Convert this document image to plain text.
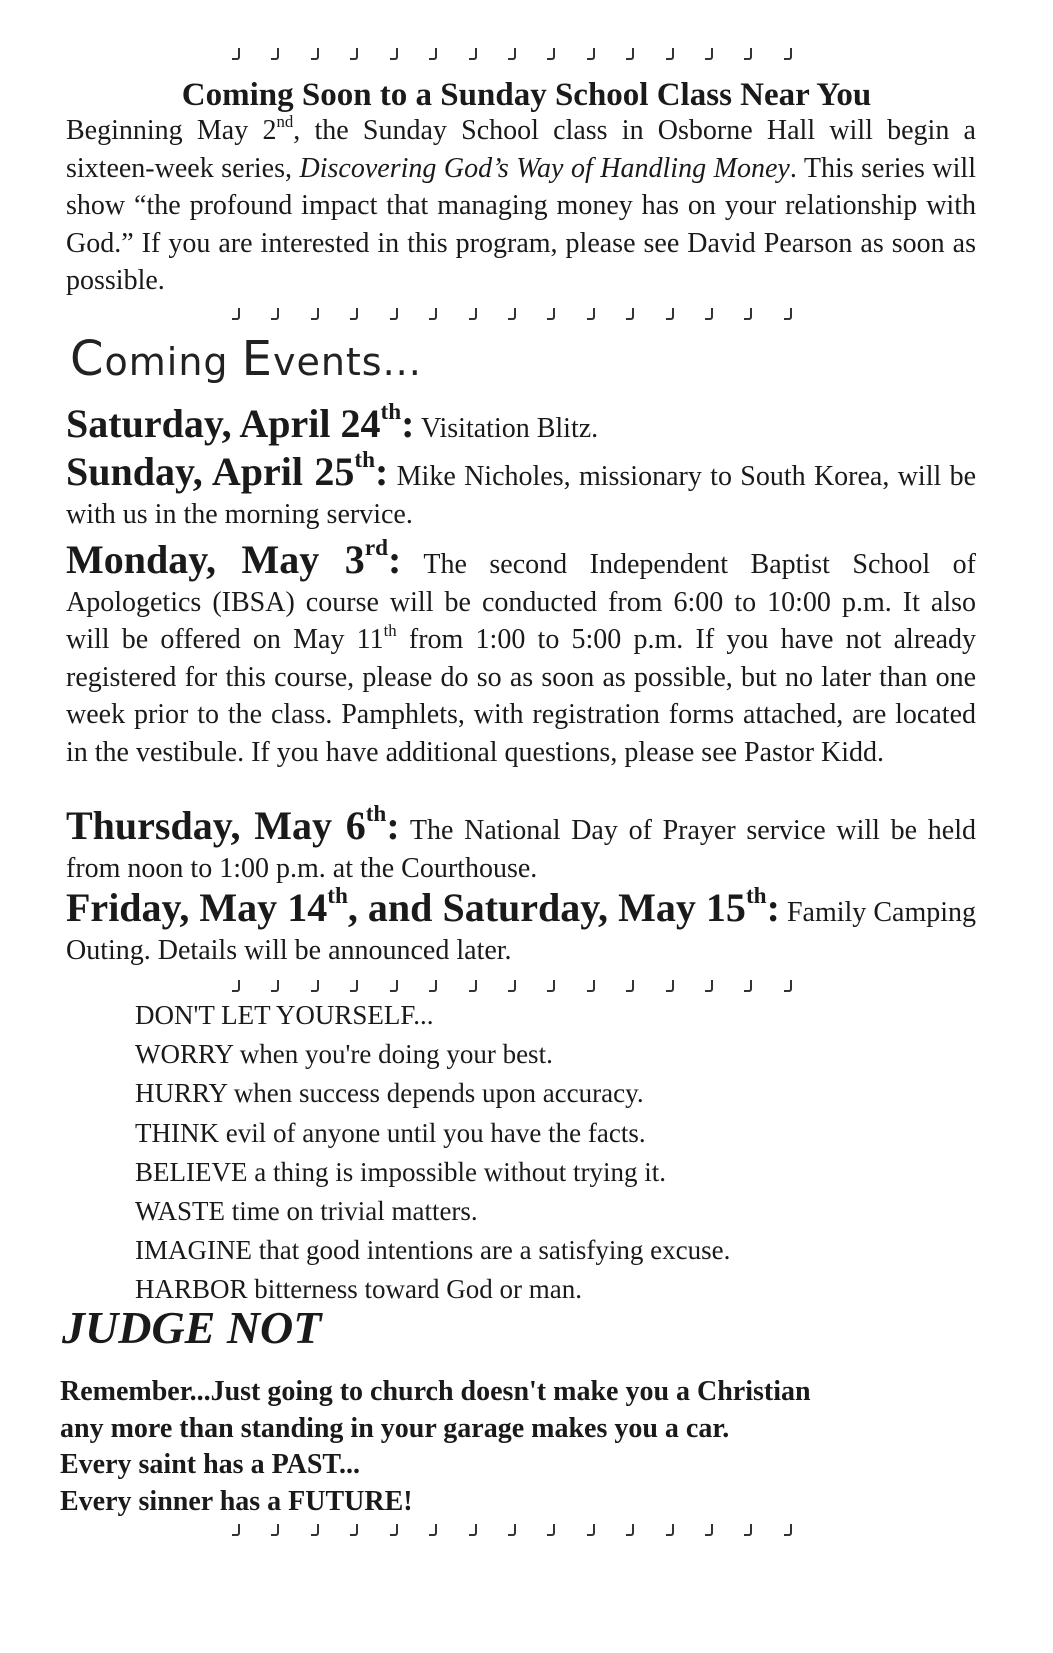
Coming Soon to a Sunday School Class Near You
Beginning May 2nd, the Sunday School class in Osborne Hall will begin a sixteen-week series, Discovering God’s Way of Handling Money. This series will show “the profound impact that managing money has on your relationship with God.” If you are interested in this program, please see David Pearson as soon as possible.
Coming Events...
Saturday, April 24th: Visitation Blitz.
Sunday, April 25th: Mike Nicholes, missionary to South Korea, will be with us in the morning service.
Monday, May 3rd: The second Independent Baptist School of Apologetics (IBSA) course will be conducted from 6:00 to 10:00 p.m. It also will be offered on May 11th from 1:00 to 5:00 p.m. If you have not already registered for this course, please do so as soon as possible, but no later than one week prior to the class. Pamphlets, with registration forms attached, are located in the vestibule. If you have additional questions, please see Pastor Kidd.
Thursday, May 6th: The National Day of Prayer service will be held from noon to 1:00 p.m. at the Courthouse.
Friday, May 14th, and Saturday, May 15th: Family Camping Outing. Details will be announced later.
DON'T LET YOURSELF...
WORRY when you're doing your best.
HURRY when success depends upon accuracy.
THINK evil of anyone until you have the facts.
BELIEVE a thing is impossible without trying it.
WASTE time on trivial matters.
IMAGINE that good intentions are a satisfying excuse.
HARBOR bitterness toward God or man.
JUDGE NOT
Remember...Just going to church doesn't make you a Christian
any more than standing in your garage makes you a car.
Every saint has a PAST...
Every sinner has a FUTURE!
